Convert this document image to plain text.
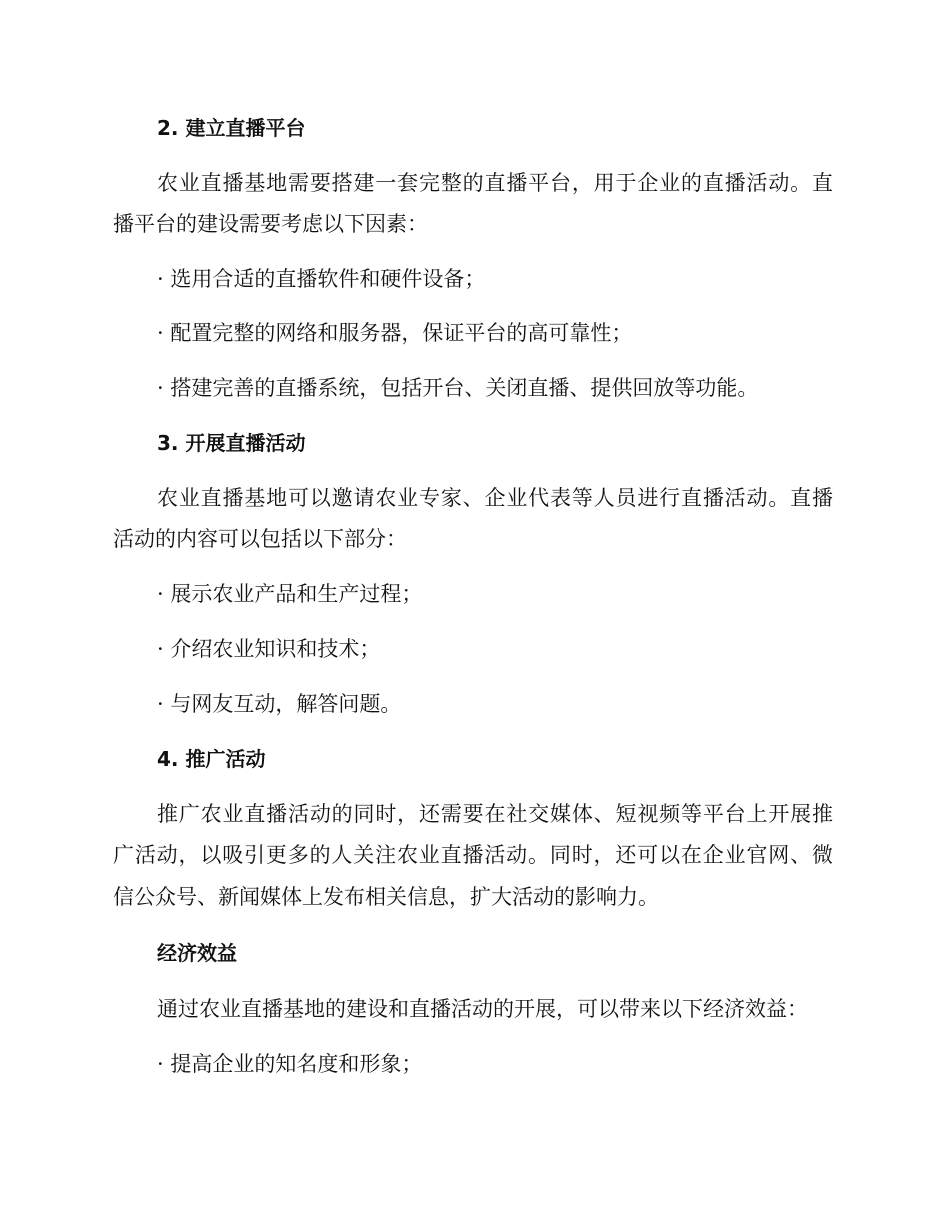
2. 建立直播平台
农业直播基地需要搭建一套完整的直播平台，用于企业的直播活动。直
播平台的建设需要考虑以下因素：
· 选用合适的直播软件和硬件设备；
· 配置完整的网络和服务器，保证平台的高可靠性；
· 搭建完善的直播系统，包括开台、关闭直播、提供回放等功能。
3. 开展直播活动
农业直播基地可以邀请农业专家、企业代表等人员进行直播活动。直播
活动的内容可以包括以下部分：
· 展示农业产品和生产过程；
· 介绍农业知识和技术；
· 与网友互动，解答问题。
4. 推广活动
推广农业直播活动的同时，还需要在社交媒体、短视频等平台上开展推
广活动，以吸引更多的人关注农业直播活动。同时，还可以在企业官网、微
信公众号、新闻媒体上发布相关信息，扩大活动的影响力。
经济效益
通过农业直播基地的建设和直播活动的开展，可以带来以下经济效益：
· 提高企业的知名度和形象；
